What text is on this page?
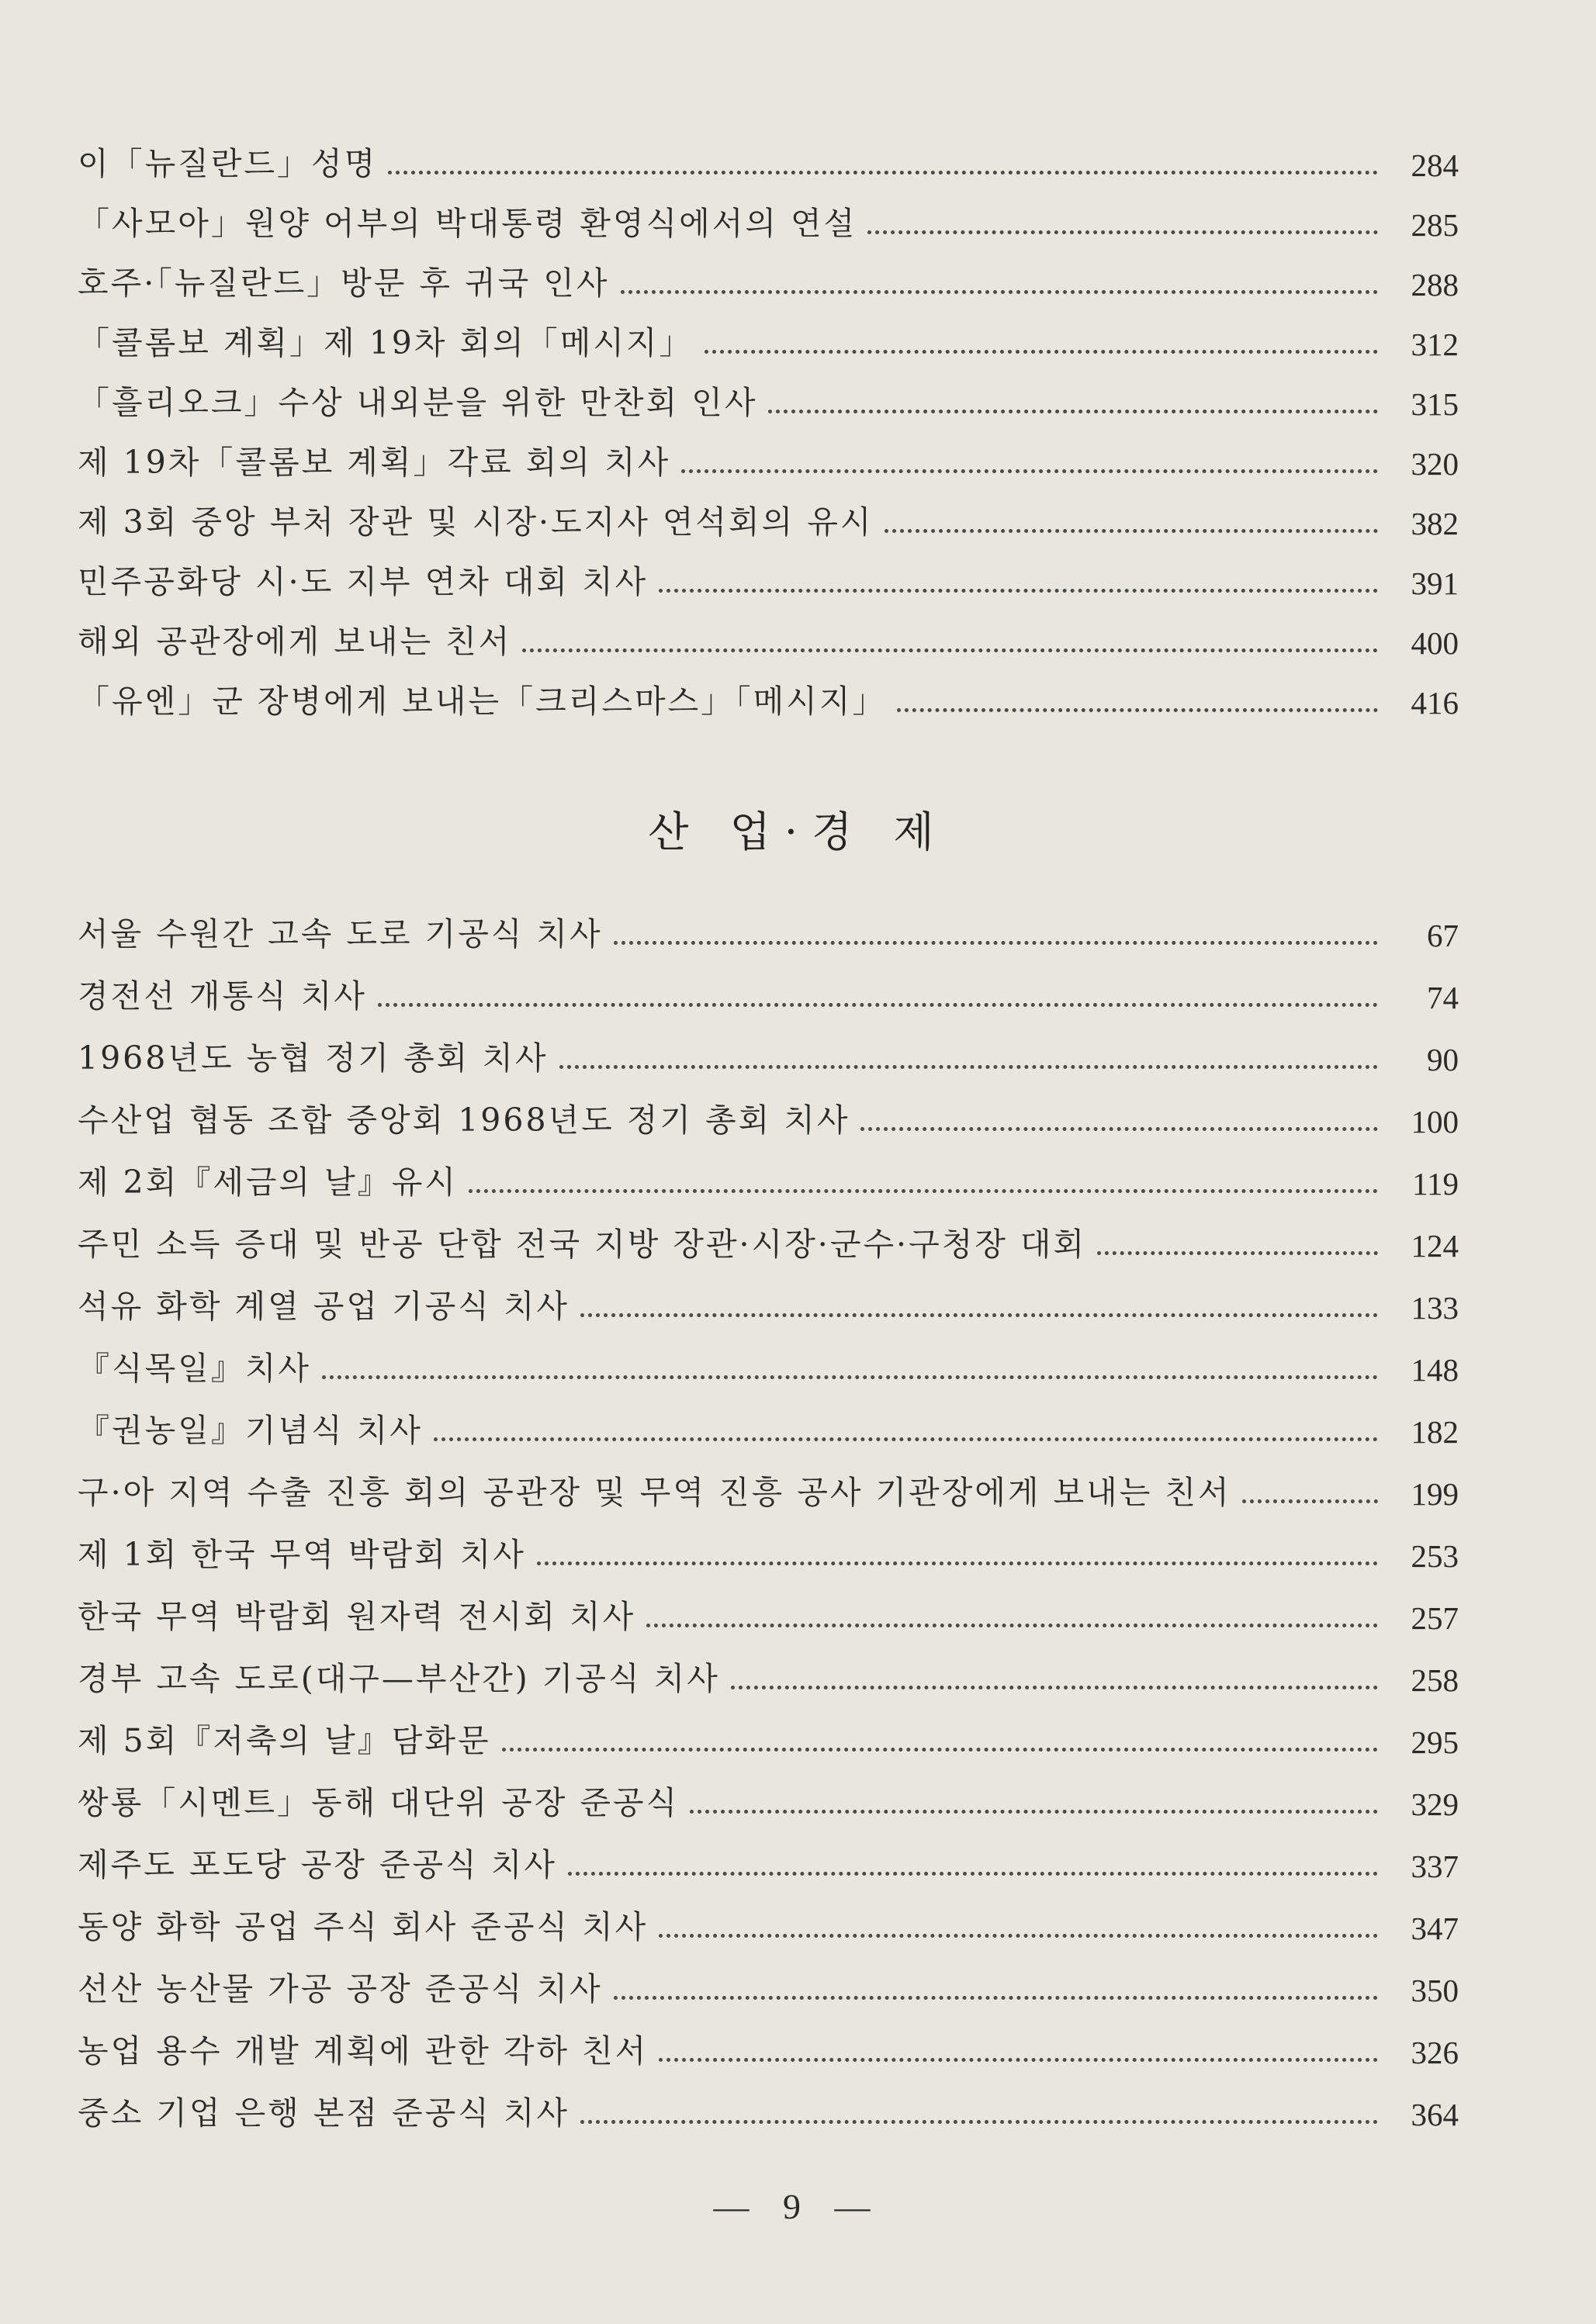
이「뉴질란드」성명	284
「사모아」원양 어부의 박대통령 환영식에서의 연설	285
호주·「뉴질란드」방문 후 귀국 인사	288
「콜롬보 계획」제 19차 회의「메시지」	312
「흘리오크」수상 내외분을 위한 만찬회 인사	315
제 19차「콜롬보 계획」각료 회의 치사	320
제 3회 중앙 부처 장관 및 시장·도지사 연석회의 유시	382
민주공화당 시·도 지부 연차 대회 치사	391
해외 공관장에게 보내는 친서	400
「유엔」군 장병에게 보내는「크리스마스」「메시지」	416
산 업·경 제
서울 수원간 고속 도로 기공식 치사	67
경전선 개통식 치사	74
1968년도 농협 정기 총회 치사	90
수산업 협동 조합 중앙회 1968년도 정기 총회 치사	100
제 2회『세금의 날』유시	119
주민 소득 증대 및 반공 단합 전국 지방 장관·시장·군수·구청장 대회	124
석유 화학 계열 공업 기공식 치사	133
『식목일』치사	148
『권농일』기념식 치사	182
구·아 지역 수출 진흥 회의 공관장 및 무역 진흥 공사 기관장에게 보내는 친서	199
제 1회 한국 무역 박람회 치사	253
한국 무역 박람회 원자력 전시회 치사	257
경부 고속 도로(대구—부산간) 기공식 치사	258
제 5회『저축의 날』담화문	295
쌍룡「시멘트」동해 대단위 공장 준공식	329
제주도 포도당 공장 준공식 치사	337
동양 화학 공업 주식 회사 준공식 치사	347
선산 농산물 가공 공장 준공식 치사	350
농업 용수 개발 계획에 관한 각하 친서	326
중소 기업 은행 본점 준공식 치사	364
— 9 —
